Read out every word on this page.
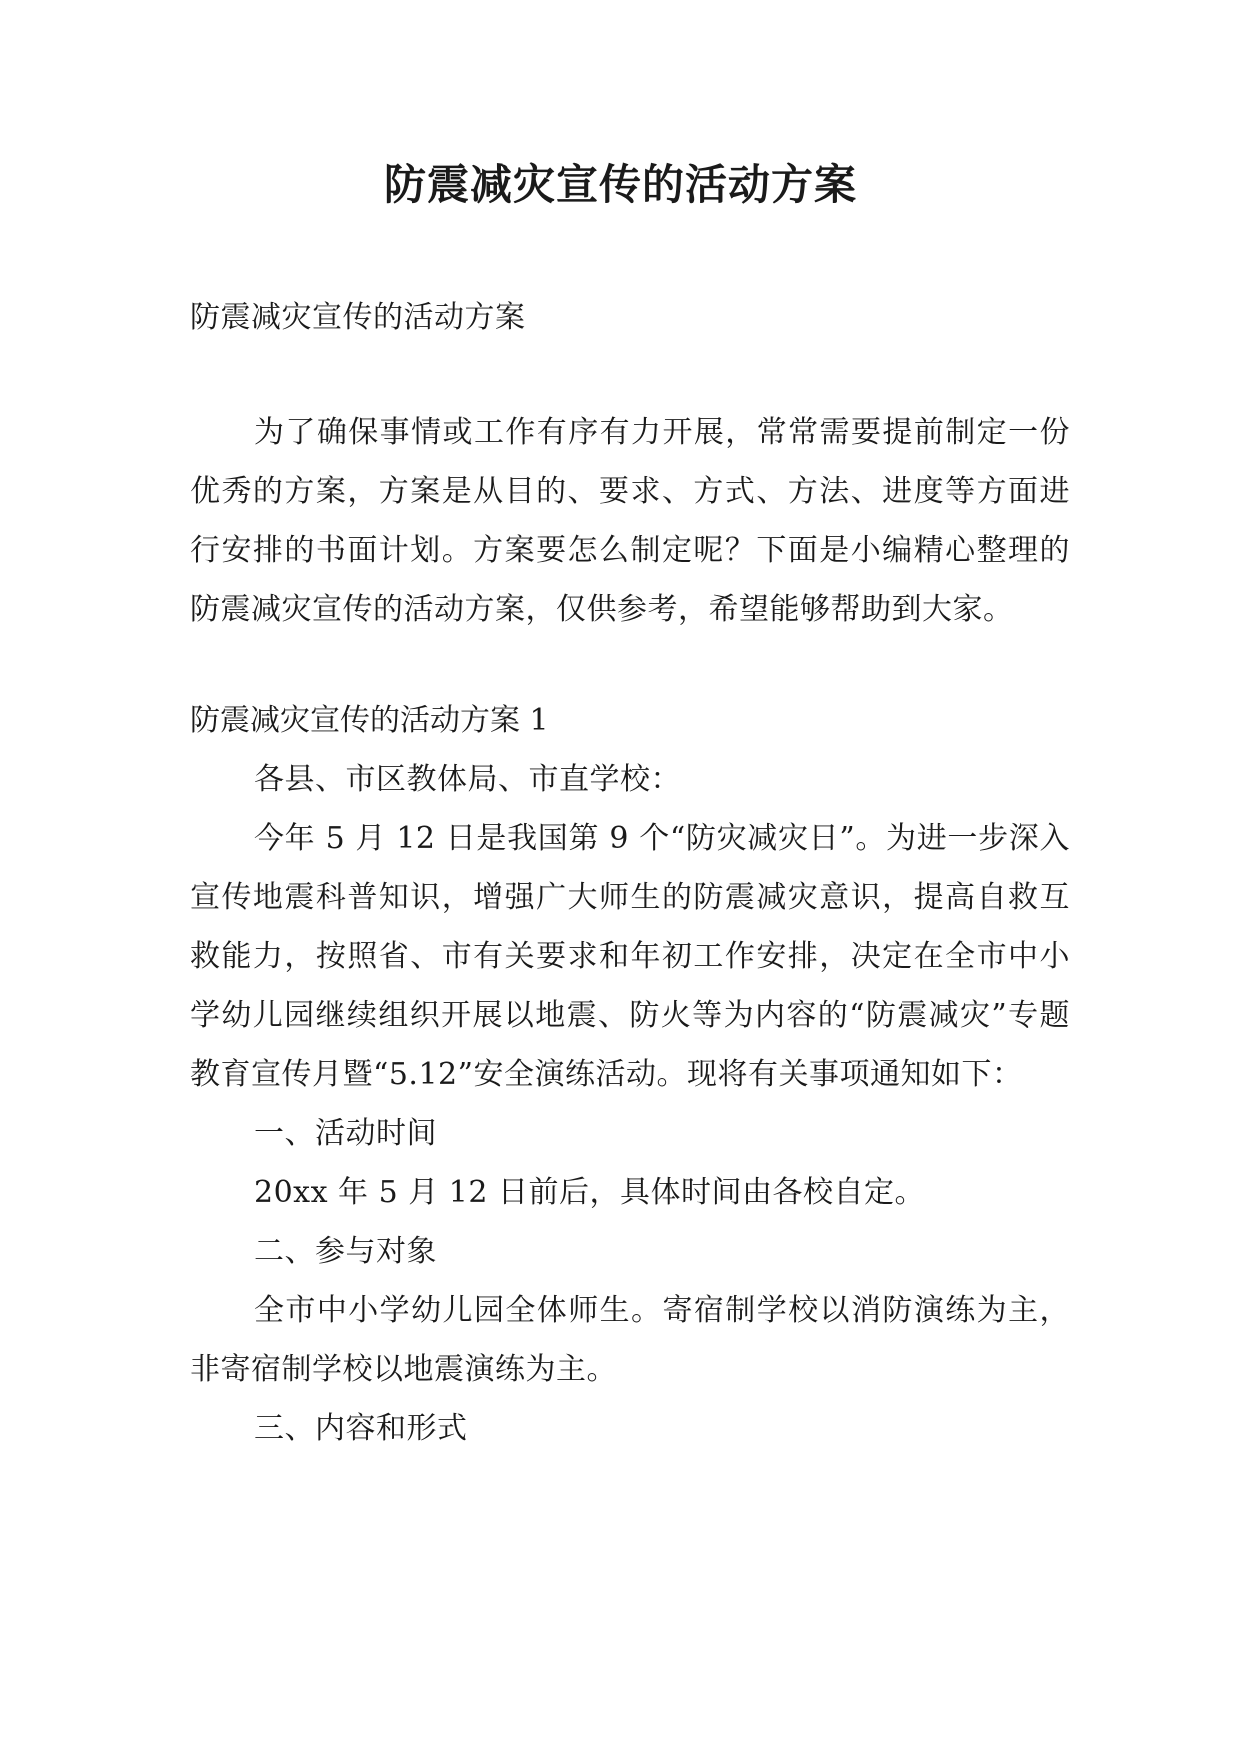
防震减灾宣传的活动方案

防震减灾宣传的活动方案

为了确保事情或工作有序有力开展，常常需要提前制定一份优秀的方案，方案是从目的、要求、方式、方法、进度等方面进行安排的书面计划。方案要怎么制定呢？下面是小编精心整理的防震减灾宣传的活动方案，仅供参考，希望能够帮助到大家。

防震减灾宣传的活动方案 1

各县、市区教体局、市直学校：

今年 5 月 12 日是我国第 9 个“防灾减灾日”。为进一步深入宣传地震科普知识，增强广大师生的防震减灾意识，提高自救互救能力，按照省、市有关要求和年初工作安排，决定在全市中小学幼儿园继续组织开展以地震、防火等为内容的“防震减灾”专题教育宣传月暨“5.12”安全演练活动。现将有关事项通知如下：

一、活动时间

20xx 年 5 月 12 日前后，具体时间由各校自定。

二、参与对象

全市中小学幼儿园全体师生。寄宿制学校以消防演练为主，非寄宿制学校以地震演练为主。

三、内容和形式
